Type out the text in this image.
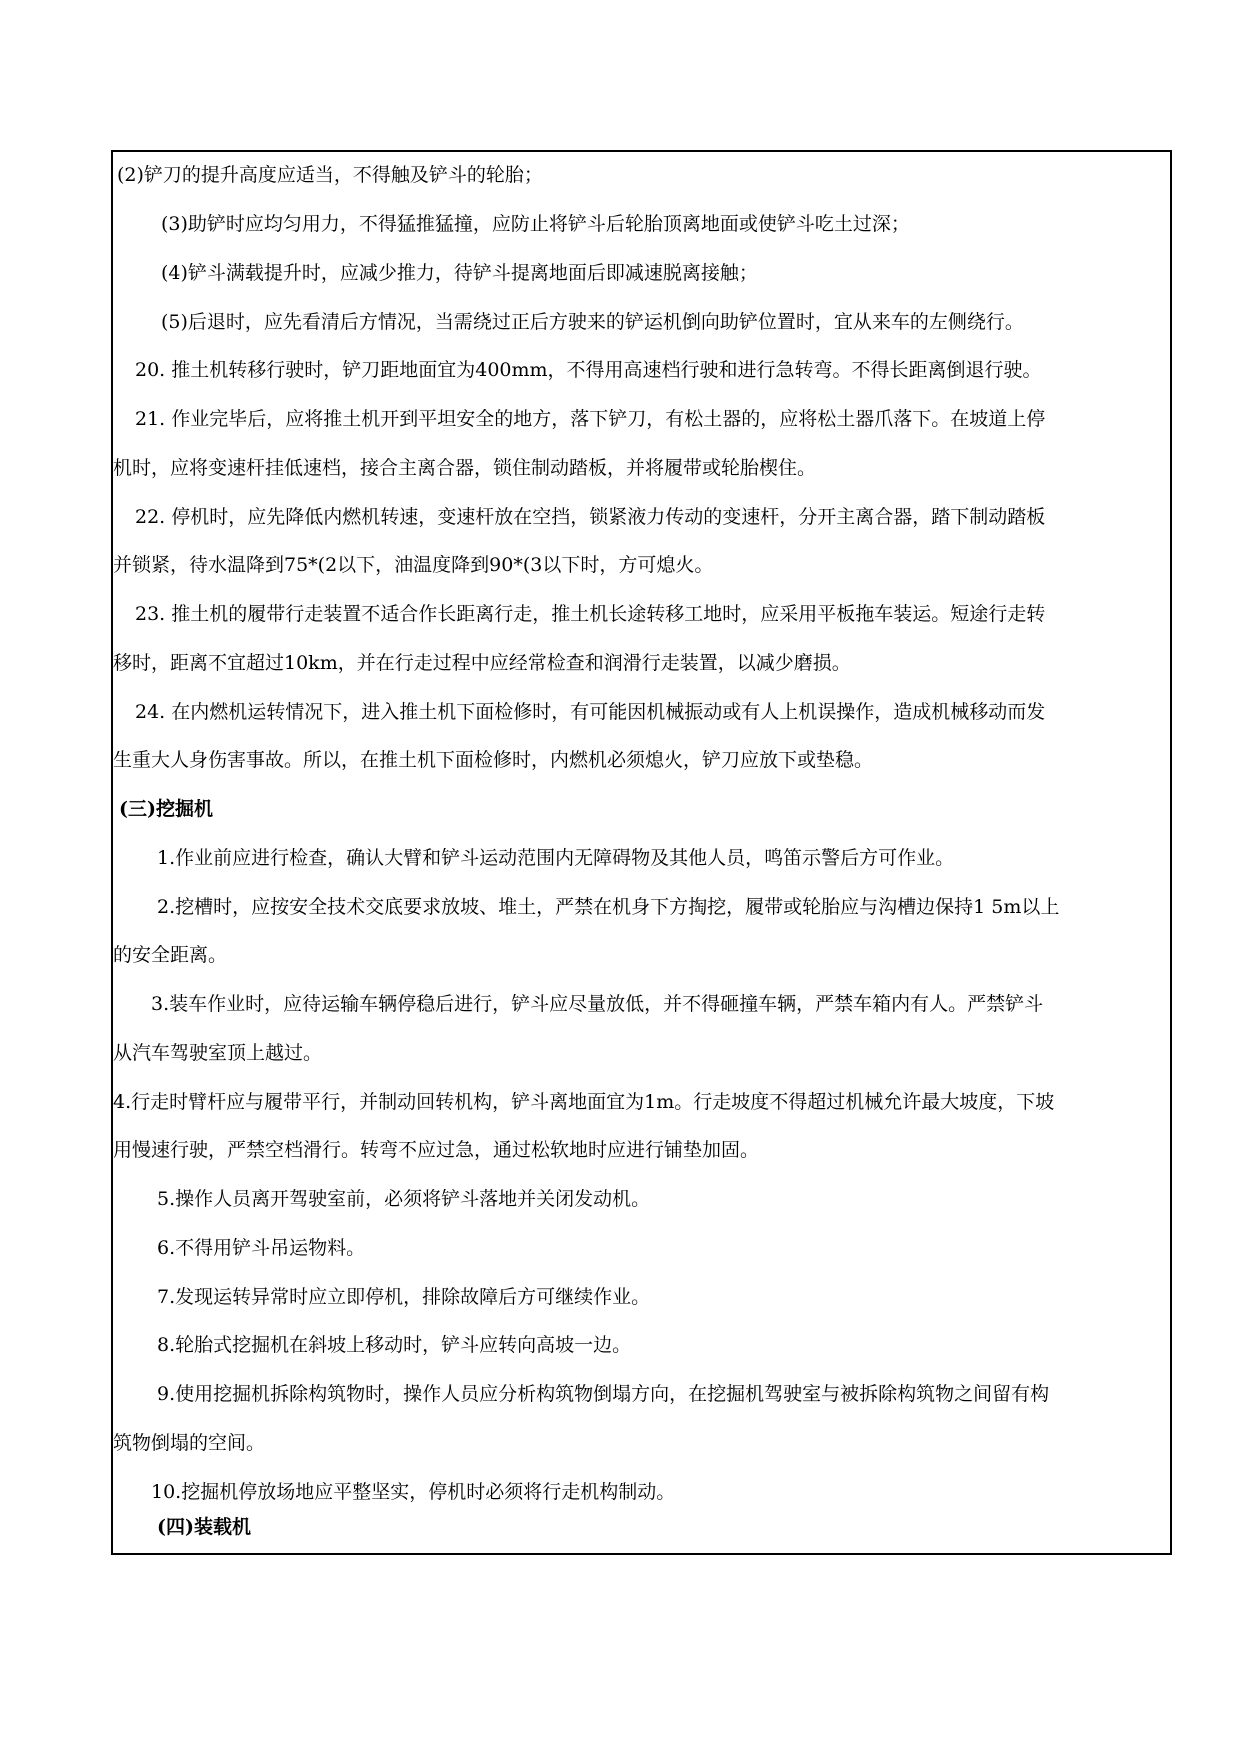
(2)铲刀的提升高度应适当，不得触及铲斗的轮胎；
(3)助铲时应均匀用力，不得猛推猛撞，应防止将铲斗后轮胎顶离地面或使铲斗吃土过深；
(4)铲斗满载提升时，应减少推力，待铲斗提离地面后即减速脱离接触；
(5)后退时，应先看清后方情况，当需绕过正后方驶来的铲运机倒向助铲位置时，宜从来车的左侧绕行。
20. 推土机转移行驶时，铲刀距地面宜为400mm，不得用高速档行驶和进行急转弯。不得长距离倒退行驶。
21. 作业完毕后，应将推土机开到平坦安全的地方，落下铲刀，有松土器的，应将松土器爪落下。在坡道上停
机时，应将变速杆挂低速档，接合主离合器，锁住制动踏板，并将履带或轮胎楔住。
22. 停机时，应先降低内燃机转速，变速杆放在空挡，锁紧液力传动的变速杆，分开主离合器，踏下制动踏板
并锁紧，待水温降到75*(2以下，油温度降到90*(3以下时，方可熄火。
23. 推土机的履带行走装置不适合作长距离行走，推土机长途转移工地时，应采用平板拖车装运。短途行走转
移时，距离不宜超过10km，并在行走过程中应经常检查和润滑行走装置，以减少磨损。
24. 在内燃机运转情况下，进入推土机下面检修时，有可能因机械振动或有人上机误操作，造成机械移动而发
生重大人身伤害事故。所以，在推土机下面检修时，内燃机必须熄火，铲刀应放下或垫稳。
(三)挖掘机
1.作业前应进行检查，确认大臂和铲斗运动范围内无障碍物及其他人员，鸣笛示警后方可作业。
2.挖槽时，应按安全技术交底要求放坡、堆土，严禁在机身下方掏挖，履带或轮胎应与沟槽边保持1 5m以上
的安全距离。
3.装车作业时，应待运输车辆停稳后进行，铲斗应尽量放低，并不得砸撞车辆，严禁车箱内有人。严禁铲斗
从汽车驾驶室顶上越过。
4.行走时臂杆应与履带平行，并制动回转机构，铲斗离地面宜为1m。行走坡度不得超过机械允许最大坡度，下坡
用慢速行驶，严禁空档滑行。转弯不应过急，通过松软地时应进行铺垫加固。
5.操作人员离开驾驶室前，必须将铲斗落地并关闭发动机。
6.不得用铲斗吊运物料。
7.发现运转异常时应立即停机，排除故障后方可继续作业。
8.轮胎式挖掘机在斜坡上移动时，铲斗应转向高坡一边。
9.使用挖掘机拆除构筑物时，操作人员应分析构筑物倒塌方向，在挖掘机驾驶室与被拆除构筑物之间留有构
筑物倒塌的空间。
10.挖掘机停放场地应平整坚实，停机时必须将行走机构制动。
(四)装载机
